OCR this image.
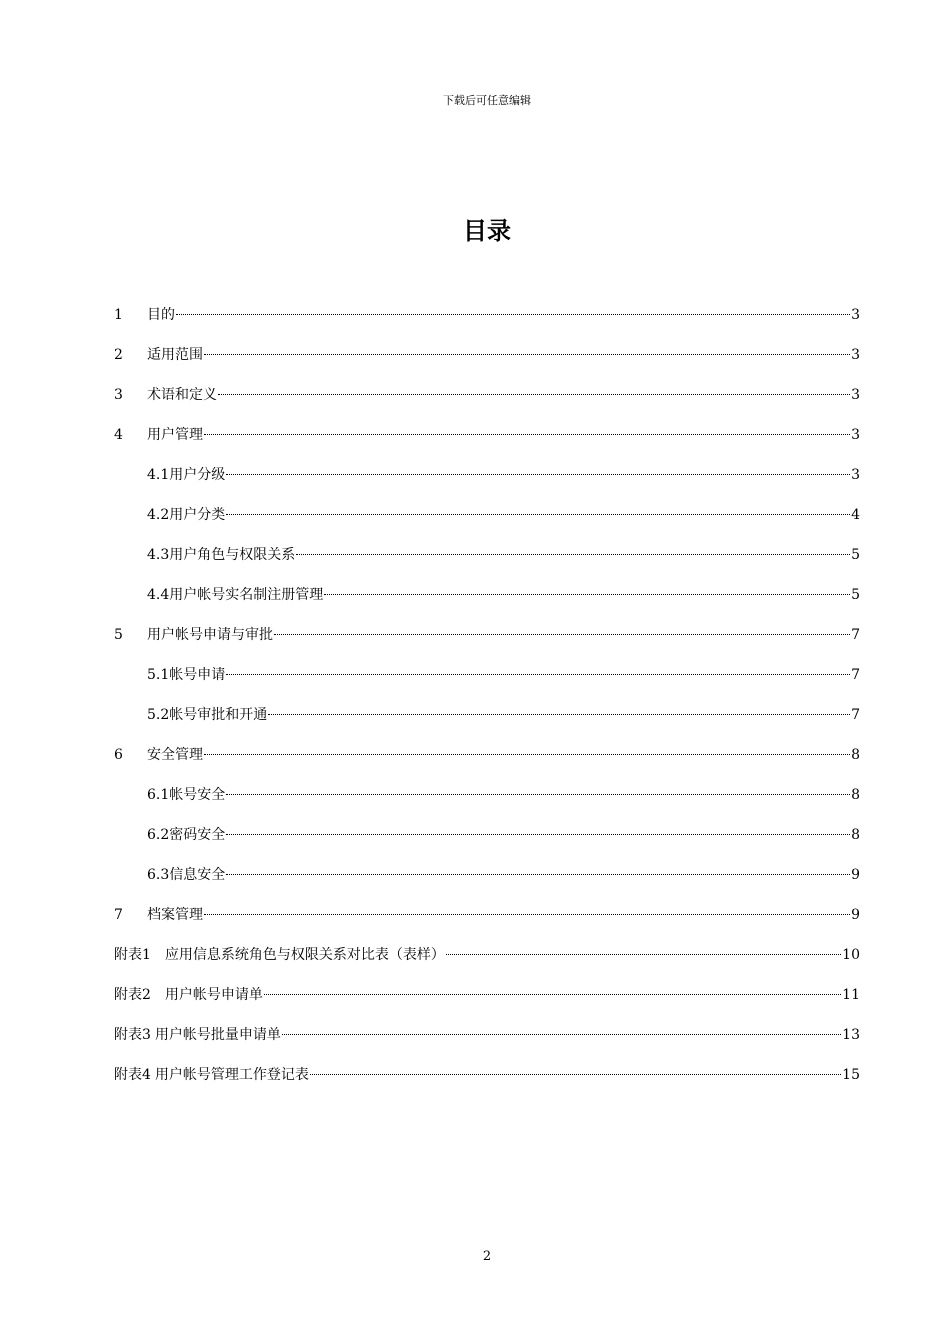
下载后可任意编辑
目录
1	目的	3
2	适用范围	3
3	术语和定义	3
4	用户管理	3
4.1 用户分级	3
4.2 用户分类	4
4.3 用户角色与权限关系	5
4.4 用户帐号实名制注册管理	5
5	用户帐号申请与审批	7
5.1 帐号申请	7
5.2 帐号审批和开通	7
6	安全管理	8
6.1 帐号安全	8
6.2 密码安全	8
6.3 信息安全	9
7	档案管理	9
附表1 应用信息系统角色与权限关系对比表（表样）	10
附表2 用户帐号申请单	11
附表3 用户帐号批量申请单	13
附表4 用户帐号管理工作登记表	15
2
